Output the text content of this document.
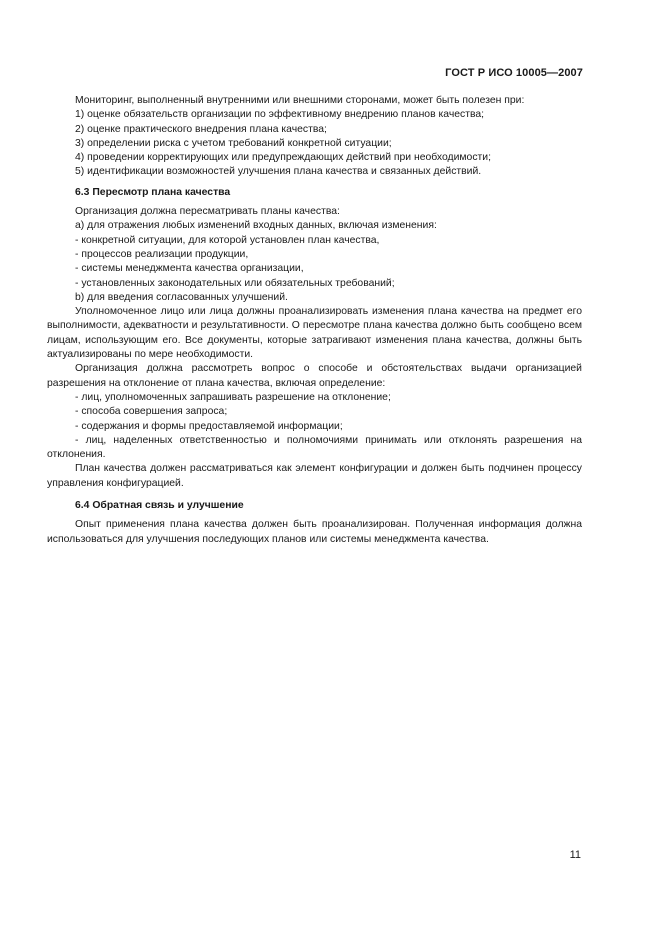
ГОСТ Р ИСО 10005—2007

Мониторинг, выполненный внутренними или внешними сторонами, может быть полезен при:

1) оценке обязательств организации по эффективному внедрению планов качества;

2) оценке практического внедрения плана качества;

3) определении риска с учетом требований конкретной ситуации;

4) проведении корректирующих или предупреждающих действий при необходимости;

5) идентификации возможностей улучшения плана качества и связанных действий.

6.3 Пересмотр плана качества

Организация должна пересматривать планы качества:

a) для отражения любых изменений входных данных, включая изменения:

- конкретной ситуации, для которой установлен план качества,

- процессов реализации продукции,

- системы менеджмента качества организации,

- установленных законодательных или обязательных требований;

b) для введения согласованных улучшений.

Уполномоченное лицо или лица должны проанализировать изменения плана качества на предмет его выполнимости, адекватности и результативности. О пересмотре плана качества должно быть сообщено всем лицам, использующим его. Все документы, которые затрагивают изменения плана качества, должны быть актуализированы по мере необходимости.
Организация должна рассмотреть вопрос о способе и обстоятельствах выдачи организацией разрешения на отклонение от плана качества, включая определение:

- лиц, уполномоченных запрашивать разрешение на отклонение;

- способа совершения запроса;

- содержания и формы предоставляемой информации;

- лиц, наделенных ответственностью и полномочиями принимать или отклонять разрешения на отклонения.
План качества должен рассматриваться как элемент конфигурации и должен быть подчинен процессу управления конфигурацией.

6.4 Обратная связь и улучшение

Опыт применения плана качества должен быть проанализирован. Полученная информация должна использоваться для улучшения последующих планов или системы менеджмента качества.
11
